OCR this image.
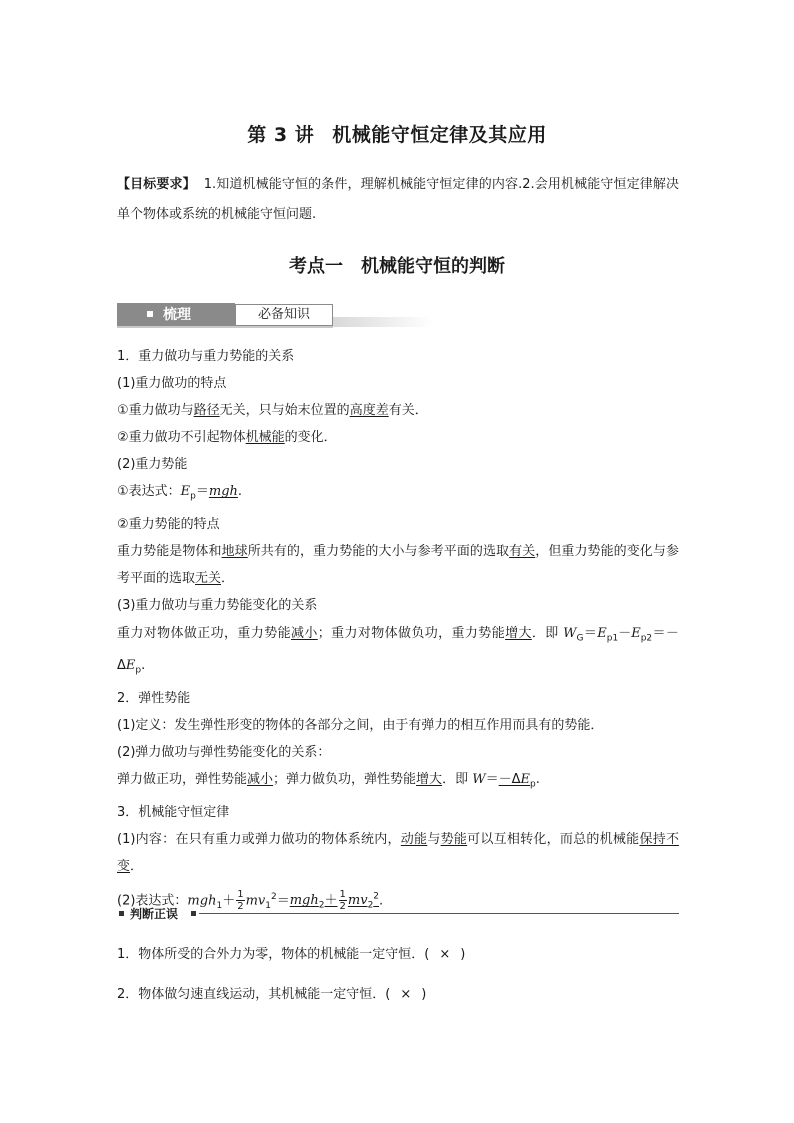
第 3 讲 机械能守恒定律及其应用
【目标要求】 1.知道机械能守恒的条件，理解机械能守恒定律的内容.2.会用机械能守恒定律解决单个物体或系统的机械能守恒问题.
考点一 机械能守恒的判断
梳理	必备知识
1．重力做功与重力势能的关系
(1)重力做功的特点
①重力做功与路径无关，只与始末位置的高度差有关．
②重力做功不引起物体机械能的变化．
(2)重力势能
①表达式：$E_p=mgh$.
②重力势能的特点
重力势能是物体和地球所共有的，重力势能的大小与参考平面的选取有关，但重力势能的变化与参考平面的选取无关．
(3)重力做功与重力势能变化的关系
重力对物体做正功，重力势能减小；重力对物体做负功，重力势能增大．即 $W_G=E_{p1}-E_{p2}=-\Delta E_p$.
2．弹性势能
(1)定义：发生弹性形变的物体的各部分之间，由于有弹力的相互作用而具有的势能．
(2)弹力做功与弹性势能变化的关系：
弹力做正功，弹性势能减小；弹力做负功，弹性势能增大．即 $W=-\Delta E_p$.
3．机械能守恒定律
(1)内容：在只有重力或弹力做功的物体系统内，动能与势能可以互相转化，而总的机械能保持不变．
(2)表达式：$mgh_1+ \frac{1}{2} mv_1^2=mgh_2+ \frac{1}{2} mv_2^2$.
判断正误
1．物体所受的合外力为零，物体的机械能一定守恒．( × )
2．物体做匀速直线运动，其机械能一定守恒．( × )
